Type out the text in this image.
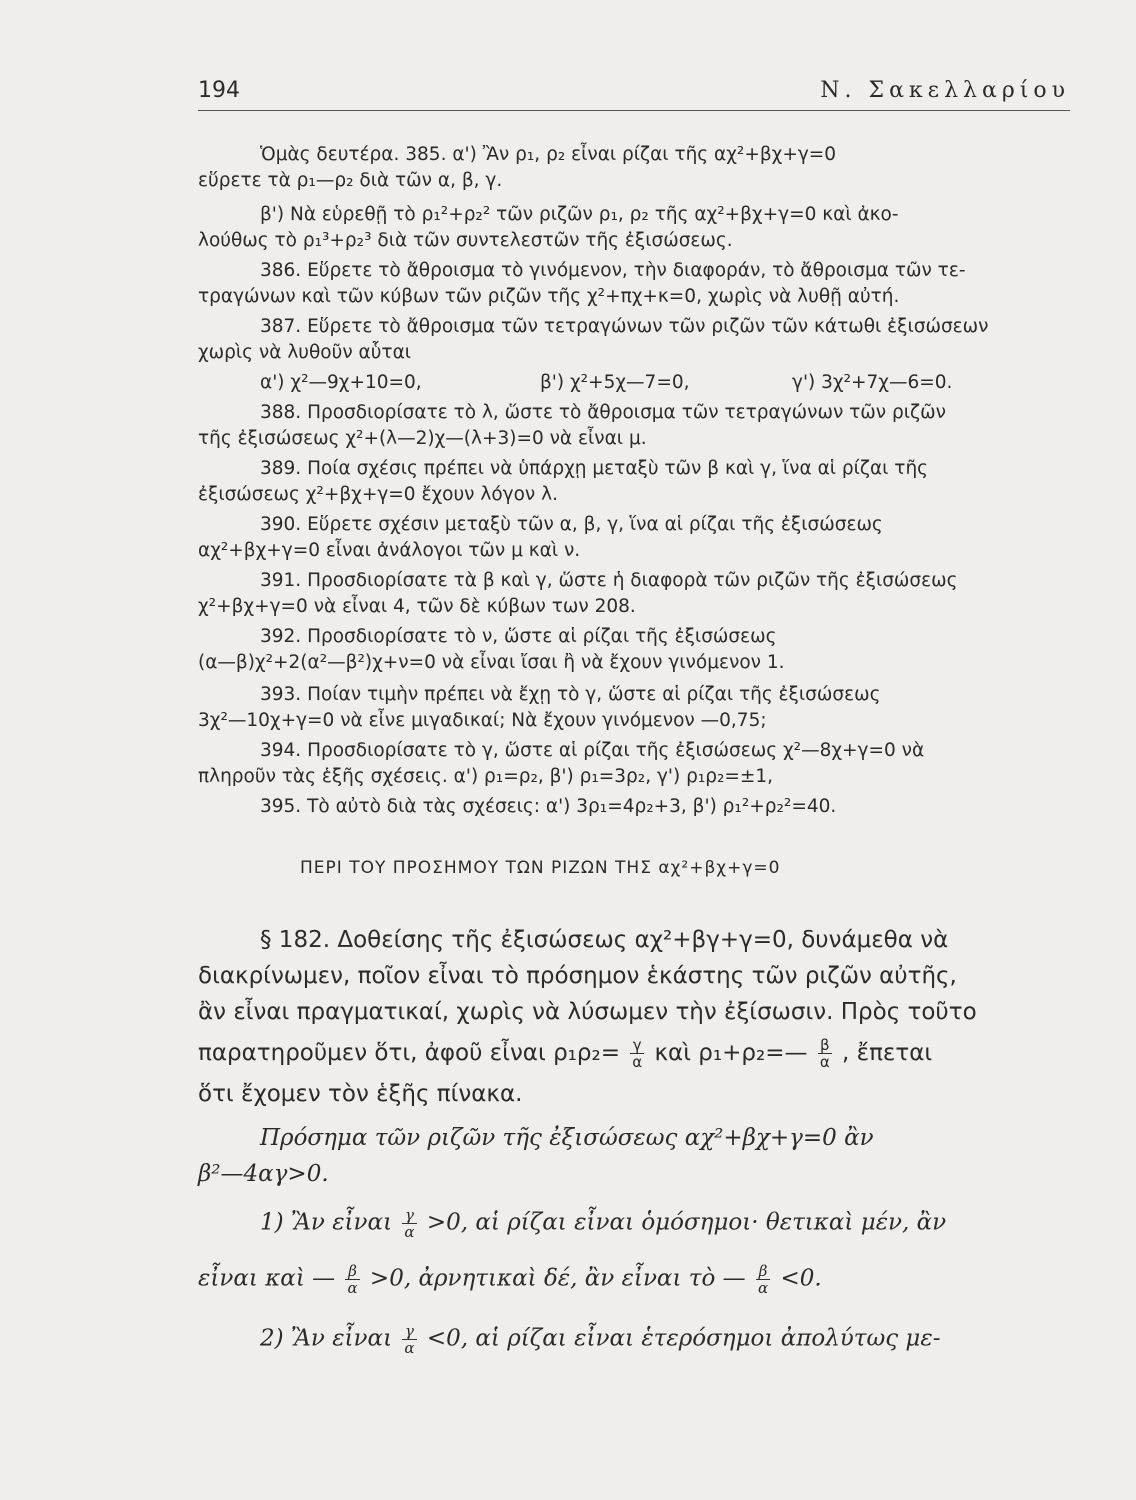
194	Ν. Σακελλαρίου
Ὁμὰς δευτέρα. 385. α') Ἂν ρ₁, ρ₂ εἶναι ρίζαι τῆς αχ²+βχ+γ=0
εὕρετε τὰ ρ₁—ρ₂ διὰ τῶν α, β, γ.
β') Νὰ εὑρεθῇ τὸ ρ₁²+ρ₂² τῶν ριζῶν ρ₁, ρ₂ τῆς αχ²+βχ+γ=0 καὶ ἀκο-
λούθως τὸ ρ₁³+ρ₂³ διὰ τῶν συντελεστῶν τῆς ἐξισώσεως.
386. Εὕρετε τὸ ἄθροισμα τὸ γινόμενον, τὴν διαφοράν, τὸ ἄθροισμα τῶν τε-
τραγώνων καὶ τῶν κύβων τῶν ριζῶν τῆς χ²+πχ+κ=0, χωρὶς νὰ λυθῇ αὐτή.
387. Εὕρετε τὸ ἄθροισμα τῶν τετραγώνων τῶν ριζῶν τῶν κάτωθι ἐξισώσεων
χωρὶς νὰ λυθοῦν αὗται
α') χ²—9χ+10=0,	β') χ²+5χ—7=0,	γ') 3χ²+7χ—6=0.
388. Προσδιορίσατε τὸ λ, ὥστε τὸ ἄθροισμα τῶν τετραγώνων τῶν ριζῶν
τῆς ἐξισώσεως χ²+(λ—2)χ—(λ+3)=0 νὰ εἶναι μ.
389. Ποία σχέσις πρέπει νὰ ὑπάρχῃ μεταξὺ τῶν β καὶ γ, ἵνα αἱ ρίζαι τῆς
ἐξισώσεως χ²+βχ+γ=0 ἔχουν λόγον λ.
390. Εὕρετε σχέσιν μεταξὺ τῶν α, β, γ, ἵνα αἱ ρίζαι τῆς ἐξισώσεως
αχ²+βχ+γ=0 εἶναι ἀνάλογοι τῶν μ καὶ ν.
391. Προσδιορίσατε τὰ β καὶ γ, ὥστε ἡ διαφορὰ τῶν ριζῶν τῆς ἐξισώσεως
χ²+βχ+γ=0 νὰ εἶναι 4, τῶν δὲ κύβων των 208.
392. Προσδιορίσατε τὸ ν, ὥστε αἱ ρίζαι τῆς ἐξισώσεως
(α—β)χ²+2(α²—β²)χ+ν=0 νὰ εἶναι ἴσαι ἢ νὰ ἔχουν γινόμενον 1.
393. Ποίαν τιμὴν πρέπει νὰ ἔχῃ τὸ γ, ὥστε αἱ ρίζαι τῆς ἐξισώσεως
3χ²—10χ+γ=0 νὰ εἶνε μιγαδικαί; Νὰ ἔχουν γινόμενον —0,75;
394. Προσδιορίσατε τὸ γ, ὥστε αἱ ρίζαι τῆς ἐξισώσεως χ²—8χ+γ=0 νὰ
πληροῦν τὰς ἑξῆς σχέσεις. α') ρ₁=ρ₂, β') ρ₁=3ρ₂, γ') ρ₁ρ₂=±1,
395. Τὸ αὐτὸ διὰ τὰς σχέσεις: α') 3ρ₁=4ρ₂+3, β') ρ₁²+ρ₂²=40.
ΠΕΡΙ ΤΟΥ ΠΡΟΣΗΜΟΥ ΤΩΝ ΡΙΖΩΝ ΤΗΣ αχ²+βχ+γ=0
§ 182. Δοθείσης τῆς ἐξισώσεως αχ²+βγ+γ=0, δυνάμεθα νὰ
διακρίνωμεν, ποῖον εἶναι τὸ πρόσημον ἑκάστης τῶν ριζῶν αὐτῆς,
ἂν εἶναι πραγματικαί, χωρὶς νὰ λύσωμεν τὴν ἐξίσωσιν. Πρὸς τοῦτο
παρατηροῦμεν ὅτι, ἀφοῦ εἶναι $\rho_1\rho_2= \frac{\gamma}{\alpha}$ καὶ ρ₁+ρ₂=— $\frac{\beta}{\alpha}$ , ἔπεται
ὅτι ἔχομεν τὸν ἑξῆς πίνακα.
Πρόσημα τῶν ριζῶν τῆς ἐξισώσεως αχ²+βχ+γ=0 ἂν
β²—4αγ>0.
1) Ἂν εἶναι $\frac{\gamma}{\alpha} >0$, αἱ ρίζαι εἶναι ὁμόσημοι· θετικαὶ μέν, ἂν
εἶναι καὶ — $\frac{\beta}{\alpha} >0$, ἀρνητικαὶ δέ, ἂν εἶναι τὸ — $\frac{\beta}{\alpha} <0$.
2) Ἂν εἶναι $\frac{\gamma}{\alpha} <0$, αἱ ρίζαι εἶναι ἑτερόσημοι ἀπολύτως με-
